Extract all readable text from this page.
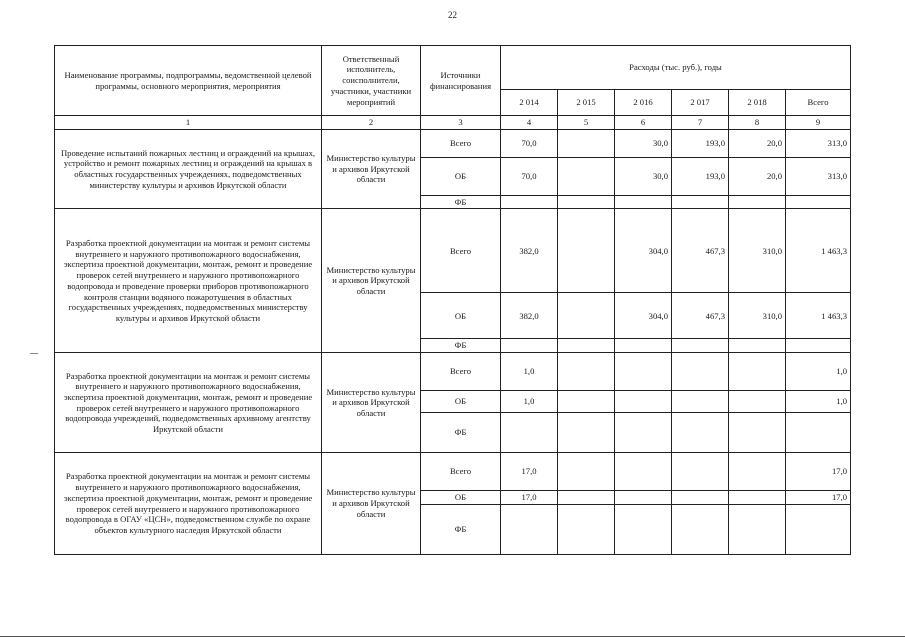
22
Наименование программы, подпрограммы, ведомственной целевой программы, основного мероприятия, мероприятия	Ответственный исполнитель, соисполнители, участники, участники мероприятий	Источники финансирования	Расходы (тыс. руб.), годы					
			2 014	2 015	2 016	2 017	2 018	Всего
1	2	3	4	5	6	7	8	9
Проведение испытаний пожарных лестниц и ограждений на крышах, устройство и ремонт пожарных лестниц и ограждений на крышах в областных государственных учреждениях, подведомственных министерству культуры и архивов Иркутской области	Министерство культуры и архивов Иркутской области	Всего	70,0		30,0	193,0	20,0	313,0
		ОБ	70,0		30,0	193,0	20,0	313,0
		ФБ						
Разработка проектной документации на монтаж и ремонт системы внутреннего и наружного противопожарного водоснабжения, экспертиза проектной документации, монтаж, ремонт и проведение проверок сетей внутреннего и наружного противопожарного водопровода и проведение проверки приборов противопожарного контроля станции водяного пожаротушения в областных государственных учреждениях, подведомственных министерству культуры и архивов Иркутской области	Министерство культуры и архивов Иркутской области	Всего	382,0		304,0	467,3	310,0	1 463,3
		ОБ	382,0		304,0	467,3	310,0	1 463,3
		ФБ						
Разработка проектной документации на монтаж и ремонт системы внутреннего и наружного противопожарного водоснабжения, экспертиза проектной документации, монтаж, ремонт и проведение проверок сетей внутреннего и наружного противопожарного водопровода учреждений, подведомственных архивному агентству Иркутской области	Министерство культуры и архивов Иркутской области	Всего	1,0					1,0
		ОБ	1,0					1,0
		ФБ						
Разработка проектной документации на монтаж и ремонт системы внутреннего и наружного противопожарного водоснабжения, экспертиза проектной документации, монтаж, ремонт и проведение проверок сетей внутреннего и наружного противопожарного водопровода в ОГАУ «ЦСН», подведомственном службе по охране объектов культурного наследия Иркутской области	Министерство культуры и архивов Иркутской области	Всего	17,0					17,0
		ОБ	17,0					17,0
		ФБ						
